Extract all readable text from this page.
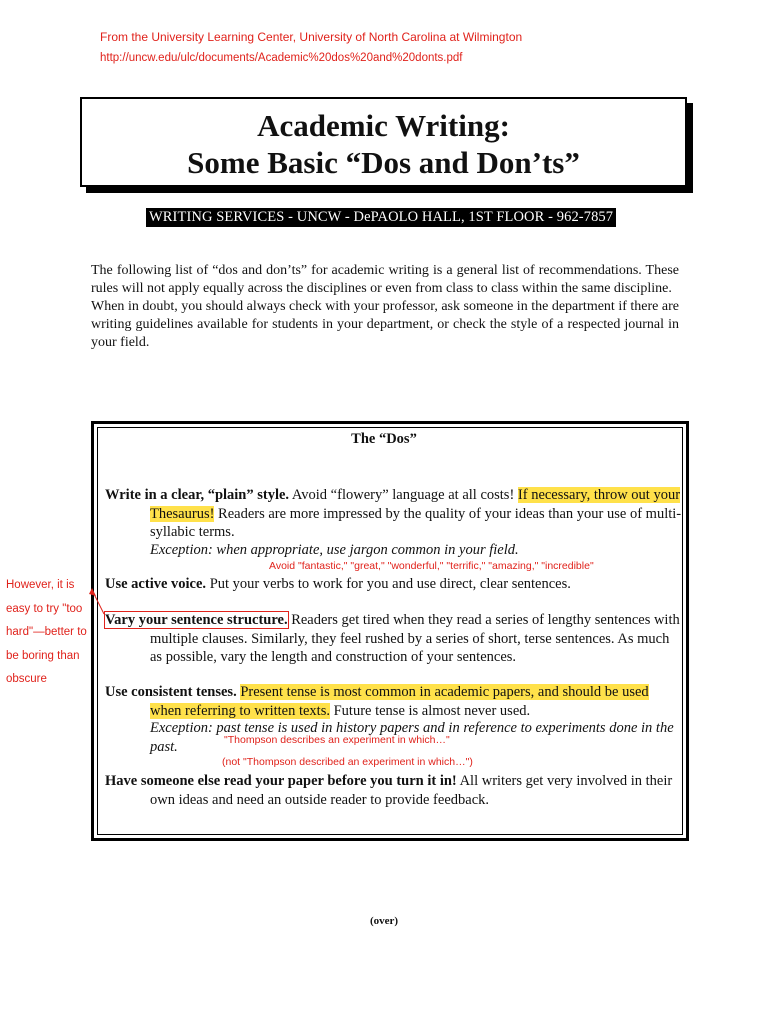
From the University Learning Center, University of North Carolina at Wilmington
http://uncw.edu/ulc/documents/Academic%20dos%20and%20donts.pdf
Academic Writing:
Some Basic “Dos and Don’ts”
WRITING SERVICES - UNCW - DePAOLO HALL, 1ST FLOOR - 962-7857

The following list of “dos and don’ts” for academic writing is a general list of recommendations. These rules will not apply equally across the disciplines or even from class to class within the same discipline.

When in doubt, you should always check with your professor, ask someone in the department if there are writing guidelines available for students in your department, or check the style of a respected journal in your field.

The “Dos”

Write in a clear, “plain” style. Avoid “flowery” language at all costs! If necessary, throw out your Thesaurus! Readers are more impressed by the quality of your ideas than your use of multi-syllabic terms.

Exception: when appropriate, use jargon common in your field.
Avoid "fantastic," "great," "wonderful," "terrific," "amazing," "incredible"

Use active voice. Put your verbs to work for you and use direct, clear sentences.

Vary your sentence structure. Readers get tired when they read a series of lengthy sentences with multiple clauses. Similarly, they feel rushed by a series of short, terse sentences. As much as possible, vary the length and construction of your sentences.

Use consistent tenses. Present tense is most common in academic papers, and should be used when referring to written texts. Future tense is almost never used.

Exception: past tense is used in history papers and in reference to experiments done in the past.	"Thompson describes an experiment in which…"
(not "Thompson described an experiment in which…")

Have someone else read your paper before you turn it in! All writers get very involved in their own ideas and need an outside reader to provide feedback.

However, it is easy to try "too hard"—better to be boring than obscure
(over)
